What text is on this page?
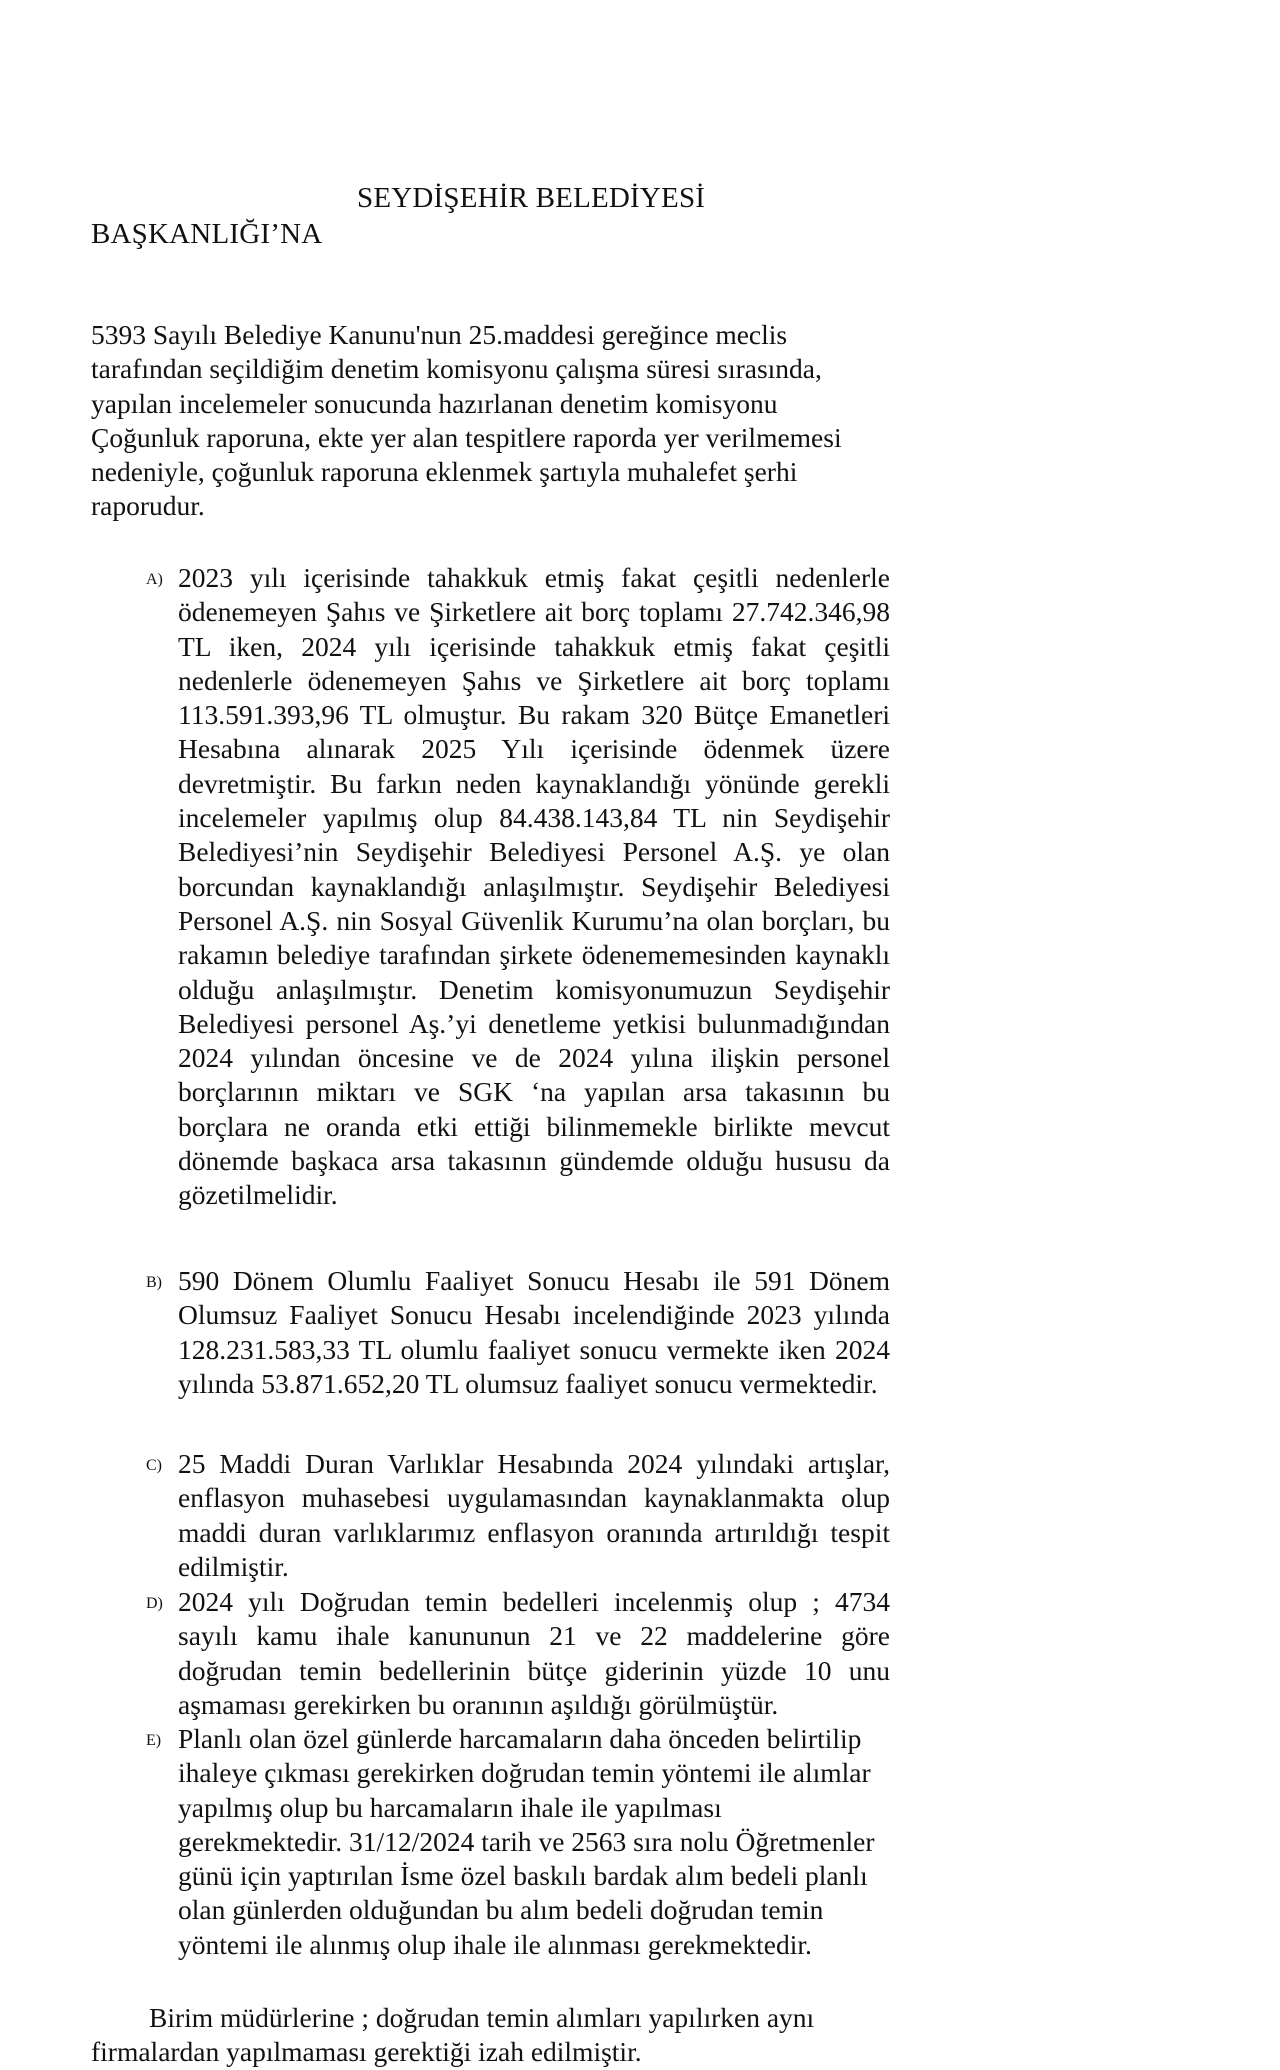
SEYDİŞEHİR BELEDİYESİ
BAŞKANLIĞI’NA

5393 Sayılı Belediye Kanunu'nun 25.maddesi gereğince meclis tarafından seçildiğim denetim komisyonu çalışma süresi sırasında, yapılan incelemeler sonucunda hazırlanan denetim komisyonu Çoğunluk raporuna, ekte yer alan tespitlere raporda yer verilmemesi nedeniyle, çoğunluk raporuna eklenmek şartıyla muhalefet şerhi raporudur.

A) 2023 yılı içerisinde tahakkuk etmiş fakat çeşitli nedenlerle ödenemeyen Şahıs ve Şirketlere ait borç toplamı 27.742.346,98 TL iken, 2024 yılı içerisinde tahakkuk etmiş fakat çeşitli nedenlerle ödenemeyen Şahıs ve Şirketlere ait borç toplamı 113.591.393,96 TL olmuştur. Bu rakam 320 Bütçe Emanetleri Hesabına alınarak 2025 Yılı içerisinde ödenmek üzere devretmiştir. Bu farkın neden kaynaklandığı yönünde gerekli incelemeler yapılmış olup 84.438.143,84 TL nin Seydişehir Belediyesi’nin Seydişehir Belediyesi Personel A.Ş. ye olan borcundan kaynaklandığı anlaşılmıştır. Seydişehir Belediyesi Personel A.Ş. nin Sosyal Güvenlik Kurumu’na olan borçları, bu rakamın belediye tarafından şirkete ödenememesinden kaynaklı olduğu anlaşılmıştır. Denetim komisyonumuzun Seydişehir Belediyesi personel Aş.’yi denetleme yetkisi bulunmadığından 2024 yılından öncesine ve de 2024 yılına ilişkin personel borçlarının miktarı ve SGK ‘na yapılan arsa takasının bu borçlara ne oranda etki ettiği bilinmemekle birlikte mevcut dönemde başkaca arsa takasının gündemde olduğu hususu da gözetilmelidir.
B) 590 Dönem Olumlu Faaliyet Sonucu Hesabı ile 591 Dönem Olumsuz Faaliyet Sonucu Hesabı incelendiğinde 2023 yılında 128.231.583,33 TL olumlu faaliyet sonucu vermekte iken 2024 yılında 53.871.652,20 TL olumsuz faaliyet sonucu vermektedir.
C) 25 Maddi Duran Varlıklar Hesabında 2024 yılındaki artışlar, enflasyon muhasebesi uygulamasından kaynaklanmakta olup maddi duran varlıklarımız enflasyon oranında artırıldığı tespit edilmiştir.
D) 2024 yılı Doğrudan temin bedelleri incelenmiş olup ; 4734 sayılı kamu ihale kanununun 21 ve 22 maddelerine göre doğrudan temin bedellerinin bütçe giderinin yüzde 10 unu aşmaması gerekirken bu oranının aşıldığı görülmüştür.
E) Planlı olan özel günlerde harcamaların daha önceden belirtilip ihaleye çıkması gerekirken doğrudan temin yöntemi ile alımlar yapılmış olup bu harcamaların ihale ile yapılması gerekmektedir. 31/12/2024 tarih ve 2563 sıra nolu Öğretmenler günü için yaptırılan İsme özel baskılı bardak alım bedeli planlı olan günlerden olduğundan bu alım bedeli doğrudan temin yöntemi ile alınmış olup ihale ile alınması gerekmektedir.

Birim müdürlerine ; doğrudan temin alımları yapılırken aynı firmalardan yapılmaması gerektiği izah edilmiştir.
